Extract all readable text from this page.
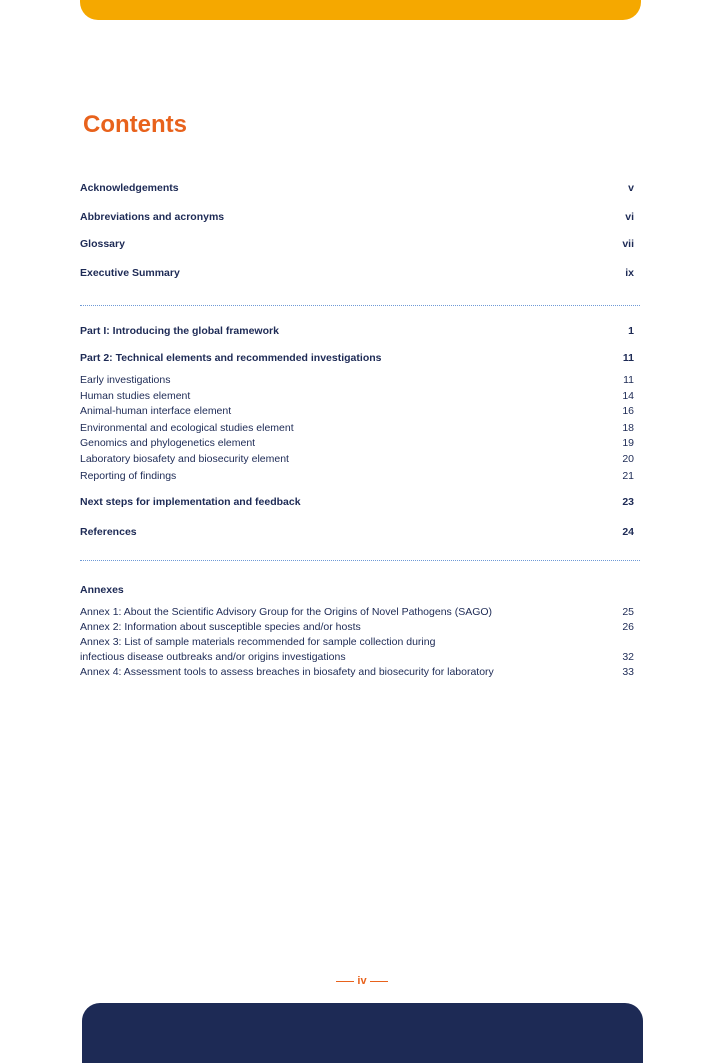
Contents
Acknowledgements	v
Abbreviations and acronyms	vi
Glossary	vii
Executive Summary	ix
Part I: Introducing the global framework	1
Part 2: Technical elements and recommended investigations	11
Early investigations	11
Human studies element	14
Animal-human interface element	16
Environmental and ecological studies element	18
Genomics and phylogenetics element	19
Laboratory biosafety and biosecurity element	20
Reporting of findings	21
Next steps for implementation and feedback	23
References	24
Annexes
Annex 1: About the Scientific Advisory Group for the Origins of Novel Pathogens (SAGO)	25
Annex 2: Information about susceptible species and/or hosts	26
Annex 3: List of sample materials recommended for sample collection during
infectious disease outbreaks and/or origins investigations	32
Annex 4: Assessment tools to assess breaches in biosafety and biosecurity for laboratory	33
iv
